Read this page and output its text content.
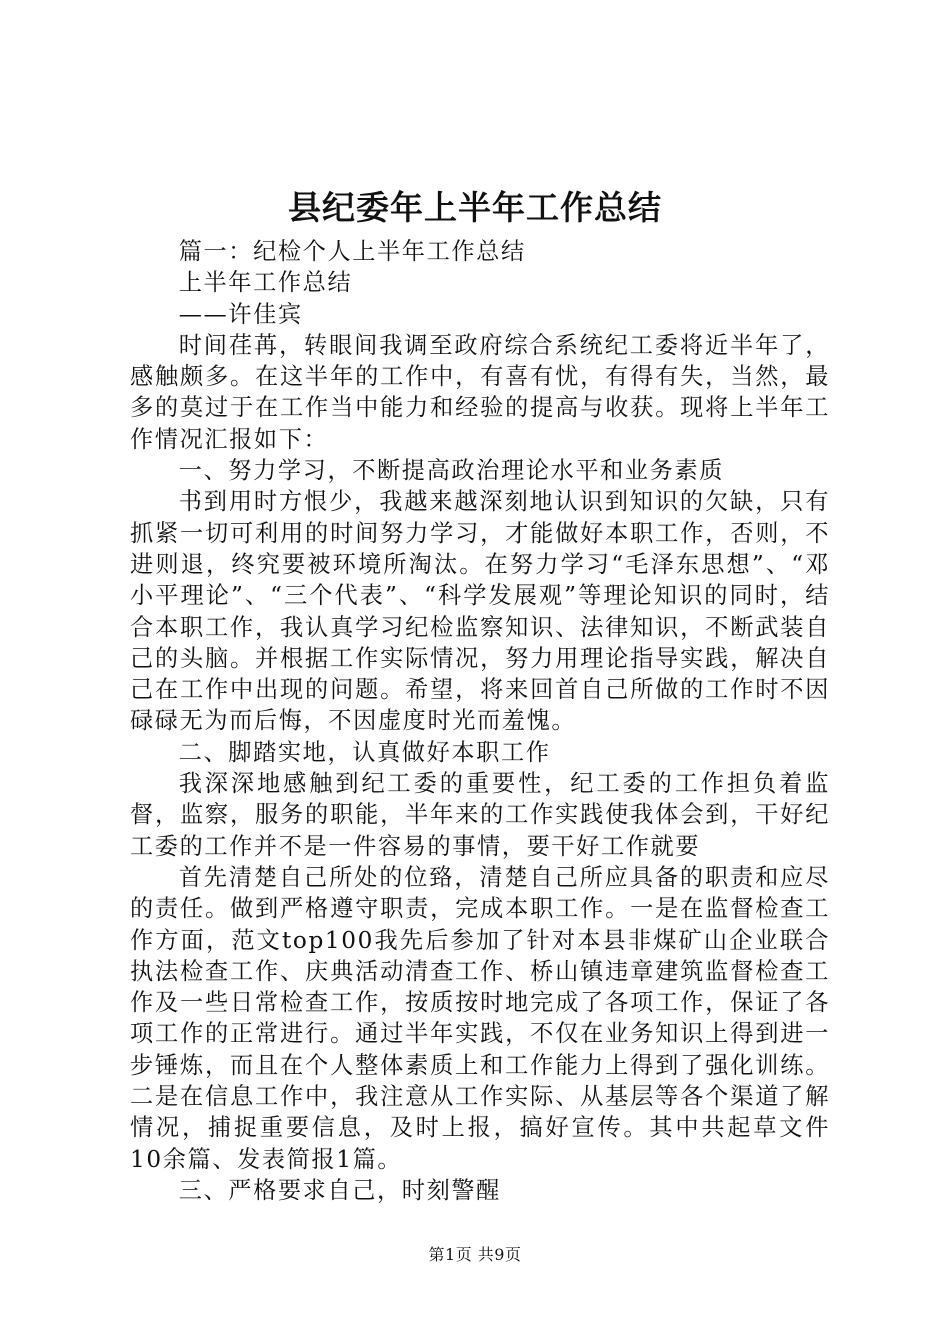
县纪委年上半年工作总结

篇一：纪检个人上半年工作总结

上半年工作总结

——许佳宾

时间荏苒，转眼间我调至政府综合系统纪工委将近半年了，感触颇多。在这半年的工作中，有喜有忧，有得有失，当然，最多的莫过于在工作当中能力和经验的提高与收获。现将上半年工作情况汇报如下：

一、努力学习，不断提高政治理论水平和业务素质

书到用时方恨少，我越来越深刻地认识到知识的欠缺，只有抓紧一切可利用的时间努力学习，才能做好本职工作，否则，不进则退，终究要被环境所淘汰。在努力学习“毛泽东思想”、“邓小平理论”、“三个代表”、“科学发展观”等理论知识的同时，结合本职工作，我认真学习纪检监察知识、法律知识，不断武装自己的头脑。并根据工作实际情况，努力用理论指导实践，解决自己在工作中出现的问题。希望，将来回首自己所做的工作时不因碌碌无为而后悔，不因虚度时光而羞愧。

二、脚踏实地，认真做好本职工作

我深深地感触到纪工委的重要性，纪工委的工作担负着监督，监察，服务的职能，半年来的工作实践使我体会到，干好纪工委的工作并不是一件容易的事情，要干好工作就要

首先清楚自己所处的位臵，清楚自己所应具备的职责和应尽的责任。做到严格遵守职责，完成本职工作。一是在监督检查工作方面，范文top100我先后参加了针对本县非煤矿山企业联合执法检查工作、庆典活动清查工作、桥山镇违章建筑监督检查工作及一些日常检查工作，按质按时地完成了各项工作，保证了各项工作的正常进行。通过半年实践，不仅在业务知识上得到进一步锤炼，而且在个人整体素质上和工作能力上得到了强化训练。二是在信息工作中，我注意从工作实际、从基层等各个渠道了解情况，捕捉重要信息，及时上报，搞好宣传。其中共起草文件10余篇、发表简报1篇。

三、严格要求自己，时刻警醒

第1页 共9页
